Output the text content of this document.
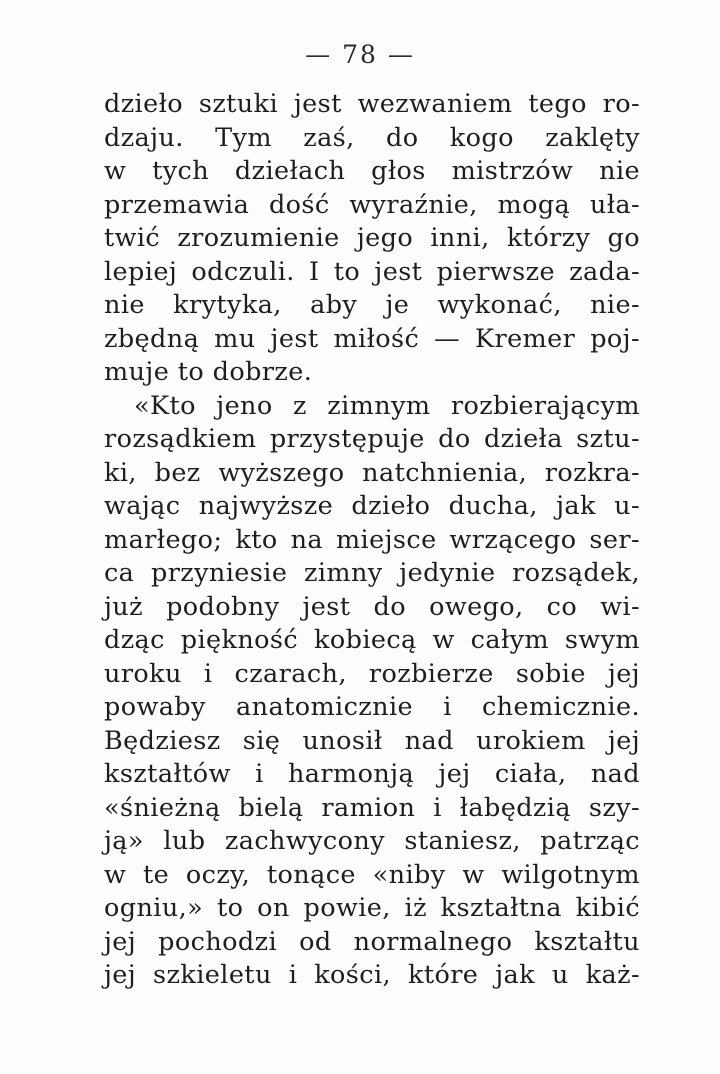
— 78 —
dzieło sztuki jest wezwaniem tego ro-
dzaju. Tym zaś, do kogo zaklęty
w tych dziełach głos mistrzów nie
przemawia dość wyraźnie, mogą uła-
twić zrozumienie jego inni, którzy go
lepiej odczuli. I to jest pierwsze zada-
nie krytyka, aby je wykonać, nie-
zbędną mu jest miłość — Kremer poj-
muje to dobrze.
«Kto jeno z zimnym rozbierającym
rozsądkiem przystępuje do dzieła sztu-
ki, bez wyższego natchnienia, rozkra-
wając najwyższe dzieło ducha, jak u-
marłego; kto na miejsce wrzącego ser-
ca przyniesie zimny jedynie rozsądek,
już podobny jest do owego, co wi-
dząc piękność kobiecą w całym swym
uroku i czarach, rozbierze sobie jej
powaby anatomicznie i chemicznie.
Będziesz się unosił nad urokiem jej
kształtów i harmonją jej ciała, nad
«śnieżną bielą ramion i łabędzią szy-
ją» lub zachwycony staniesz, patrząc
w te oczy, tonące «niby w wilgotnym
ogniu,» to on powie, iż kształtna kibić
jej pochodzi od normalnego kształtu
jej szkieletu i kości, które jak u każ-
